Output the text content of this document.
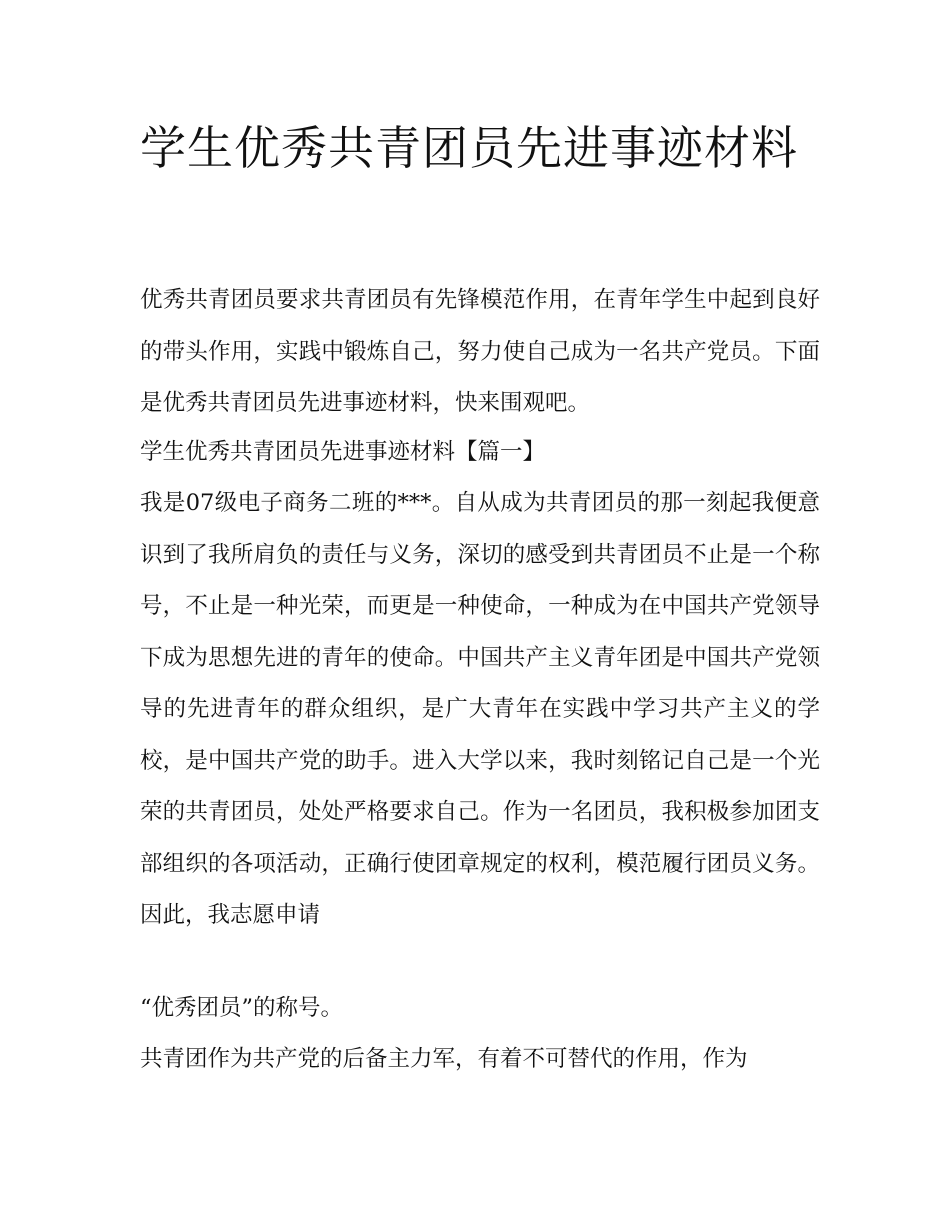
学生优秀共青团员先进事迹材料

优秀共青团员要求共青团员有先锋模范作用，在青年学生中起到良好的带头作用，实践中锻炼自己，努力使自己成为一名共产党员。下面是优秀共青团员先进事迹材料，快来围观吧。

学生优秀共青团员先进事迹材料【篇一】

我是07级电子商务二班的***。自从成为共青团员的那一刻起我便意识到了我所肩负的责任与义务，深切的感受到共青团员不止是一个称号，不止是一种光荣，而更是一种使命，一种成为在中国共产党领导下成为思想先进的青年的使命。中国共产主义青年团是中国共产党领导的先进青年的群众组织，是广大青年在实践中学习共产主义的学校，是中国共产党的助手。进入大学以来，我时刻铭记自己是一个光荣的共青团员，处处严格要求自己。作为一名团员，我积极参加团支部组织的各项活动，正确行使团章规定的权利，模范履行团员义务。因此，我志愿申请

“优秀团员”的称号。

共青团作为共产党的后备主力军，有着不可替代的作用，作为
